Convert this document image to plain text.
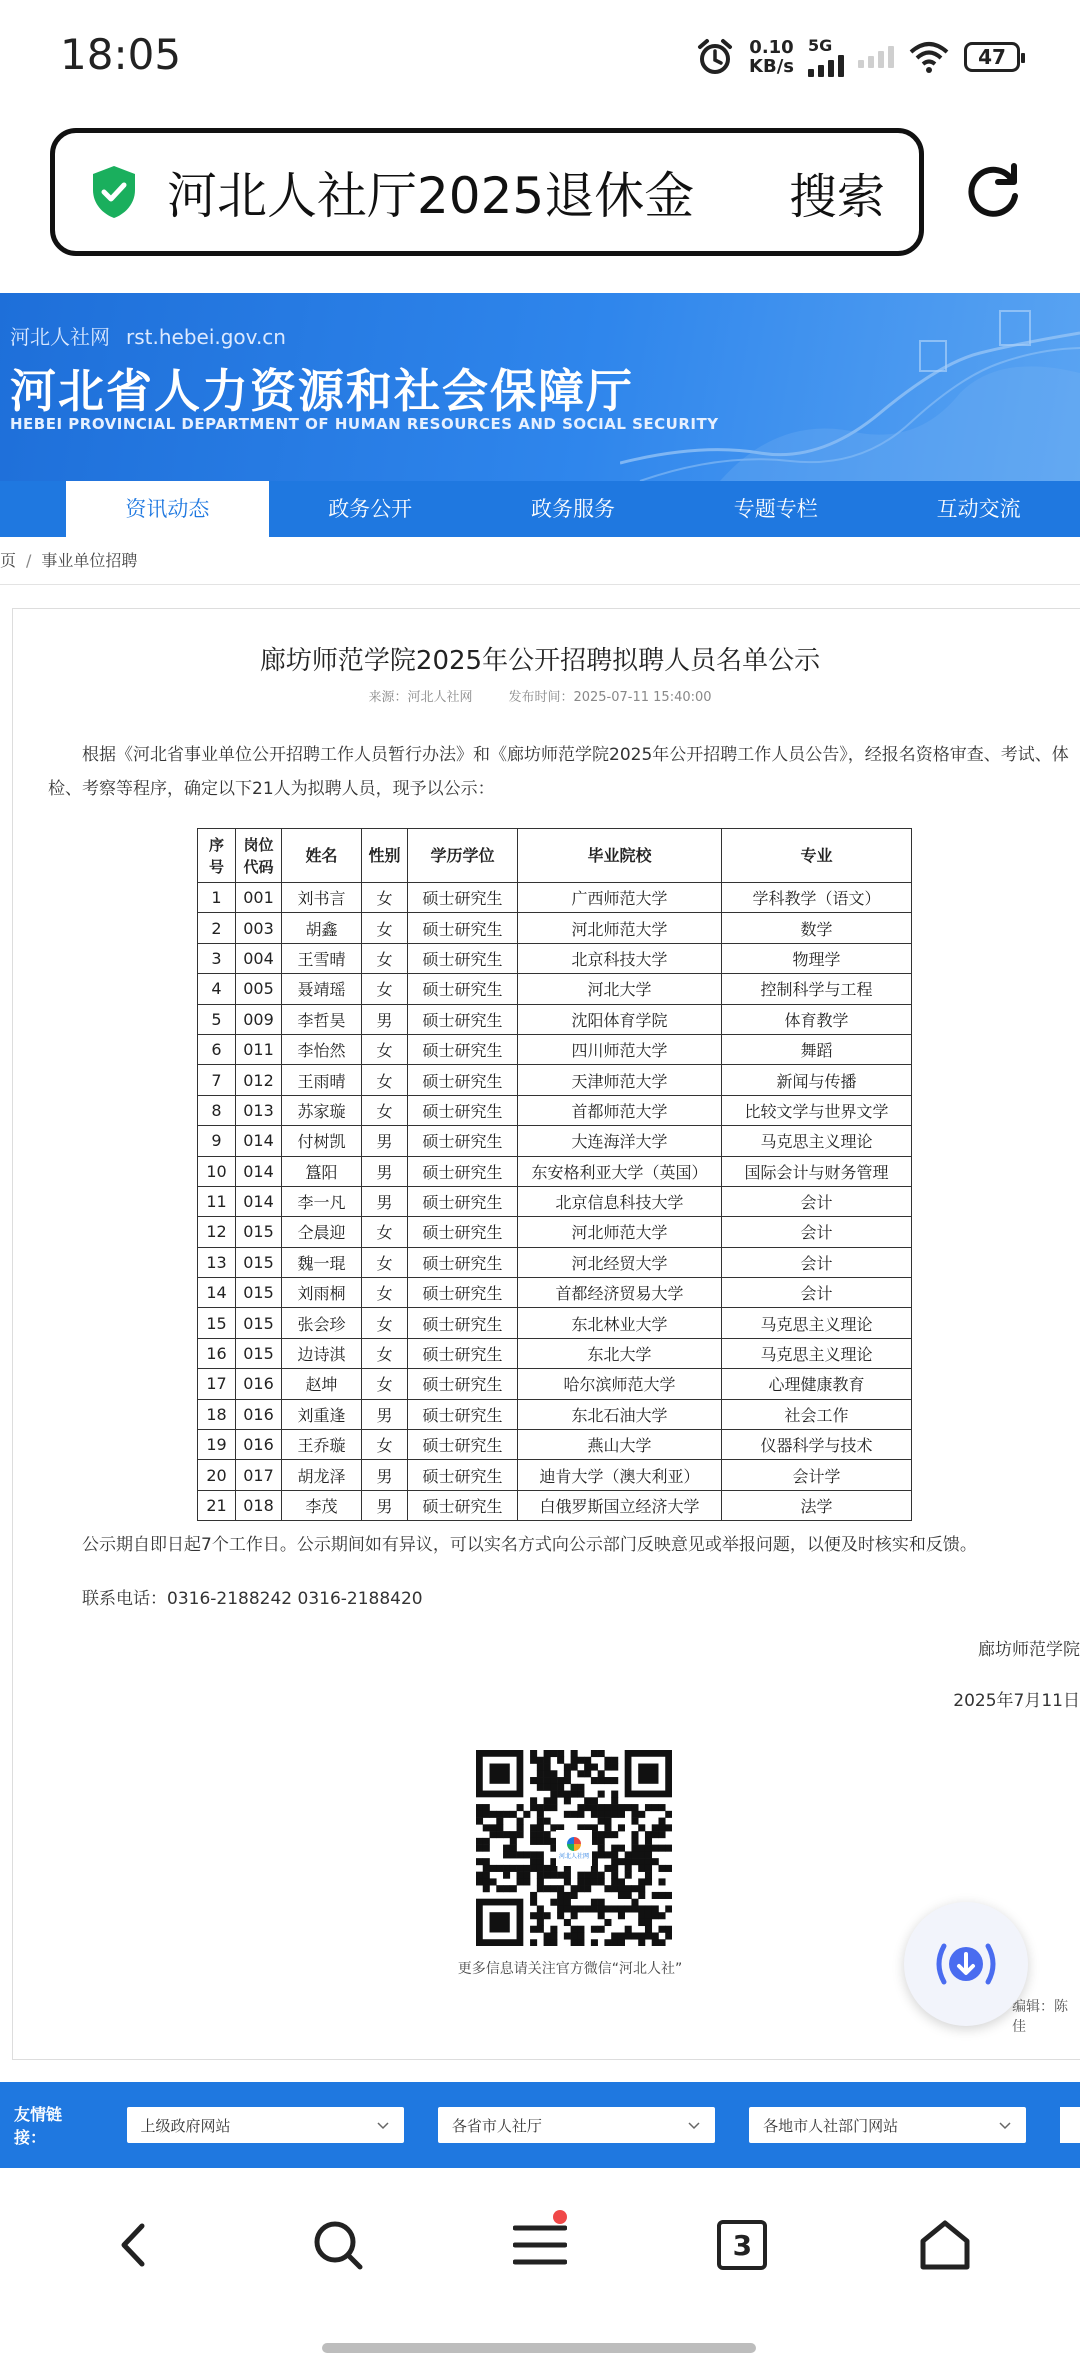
18:05	0.10
KB/s
5G	47
河北人社厅2025退休金	搜索
河北人社网 rst.hebei.gov.cn
河北省人力资源和社会保障厅
HEBEI PROVINCIAL DEPARTMENT OF HUMAN RESOURCES AND SOCIAL SECURITY
资讯动态	政务公开	政务服务	专题专栏	互动交流
页 / 事业单位招聘
廊坊师范学院2025年公开招聘拟聘人员名单公示
来源：河北人社网	发布时间：2025-07-11 15:40:00
根据《河北省事业单位公开招聘工作人员暂行办法》和《廊坊师范学院2025年公开招聘工作人员公告》，经报名资格审查、考试、体检、考察等程序，确定以下21人为拟聘人员，现予以公示：
序号	岗位代码	姓名	性别	学历学位	毕业院校	专业
1	001	刘书言	女	硕士研究生	广西师范大学	学科教学（语文）
2	003	胡鑫	女	硕士研究生	河北师范大学	数学
3	004	王雪晴	女	硕士研究生	北京科技大学	物理学
4	005	聂靖瑶	女	硕士研究生	河北大学	控制科学与工程
5	009	李哲昊	男	硕士研究生	沈阳体育学院	体育教学
6	011	李怡然	女	硕士研究生	四川师范大学	舞蹈
7	012	王雨晴	女	硕士研究生	天津师范大学	新闻与传播
8	013	苏家璇	女	硕士研究生	首都师范大学	比较文学与世界文学
9	014	付树凯	男	硕士研究生	大连海洋大学	马克思主义理论
10	014	簋阳	男	硕士研究生	东安格利亚大学（英国）	国际会计与财务管理
11	014	李一凡	男	硕士研究生	北京信息科技大学	会计
12	015	仝晨迎	女	硕士研究生	河北师范大学	会计
13	015	魏一琨	女	硕士研究生	河北经贸大学	会计
14	015	刘雨桐	女	硕士研究生	首都经济贸易大学	会计
15	015	张会珍	女	硕士研究生	东北林业大学	马克思主义理论
16	015	边诗淇	女	硕士研究生	东北大学	马克思主义理论
17	016	赵坤	女	硕士研究生	哈尔滨师范大学	心理健康教育
18	016	刘重逢	男	硕士研究生	东北石油大学	社会工作
19	016	王乔璇	女	硕士研究生	燕山大学	仪器科学与技术
20	017	胡龙泽	男	硕士研究生	迪肯大学（澳大利亚）	会计学
21	018	李茂	男	硕士研究生	白俄罗斯国立经济大学	法学
公示期自即日起7个工作日。公示期间如有异议，可以实名方式向公示部门反映意见或举报问题，以便及时核实和反馈。
联系电话：0316-2188242 0316-2188420
廊坊师范学院
2025年7月11日
河北人社网
更多信息请关注官方微信“河北人社”
编辑：陈佳
友情链接：
上级政府网站	各省市人社厅	各地市人社部门网站
3
